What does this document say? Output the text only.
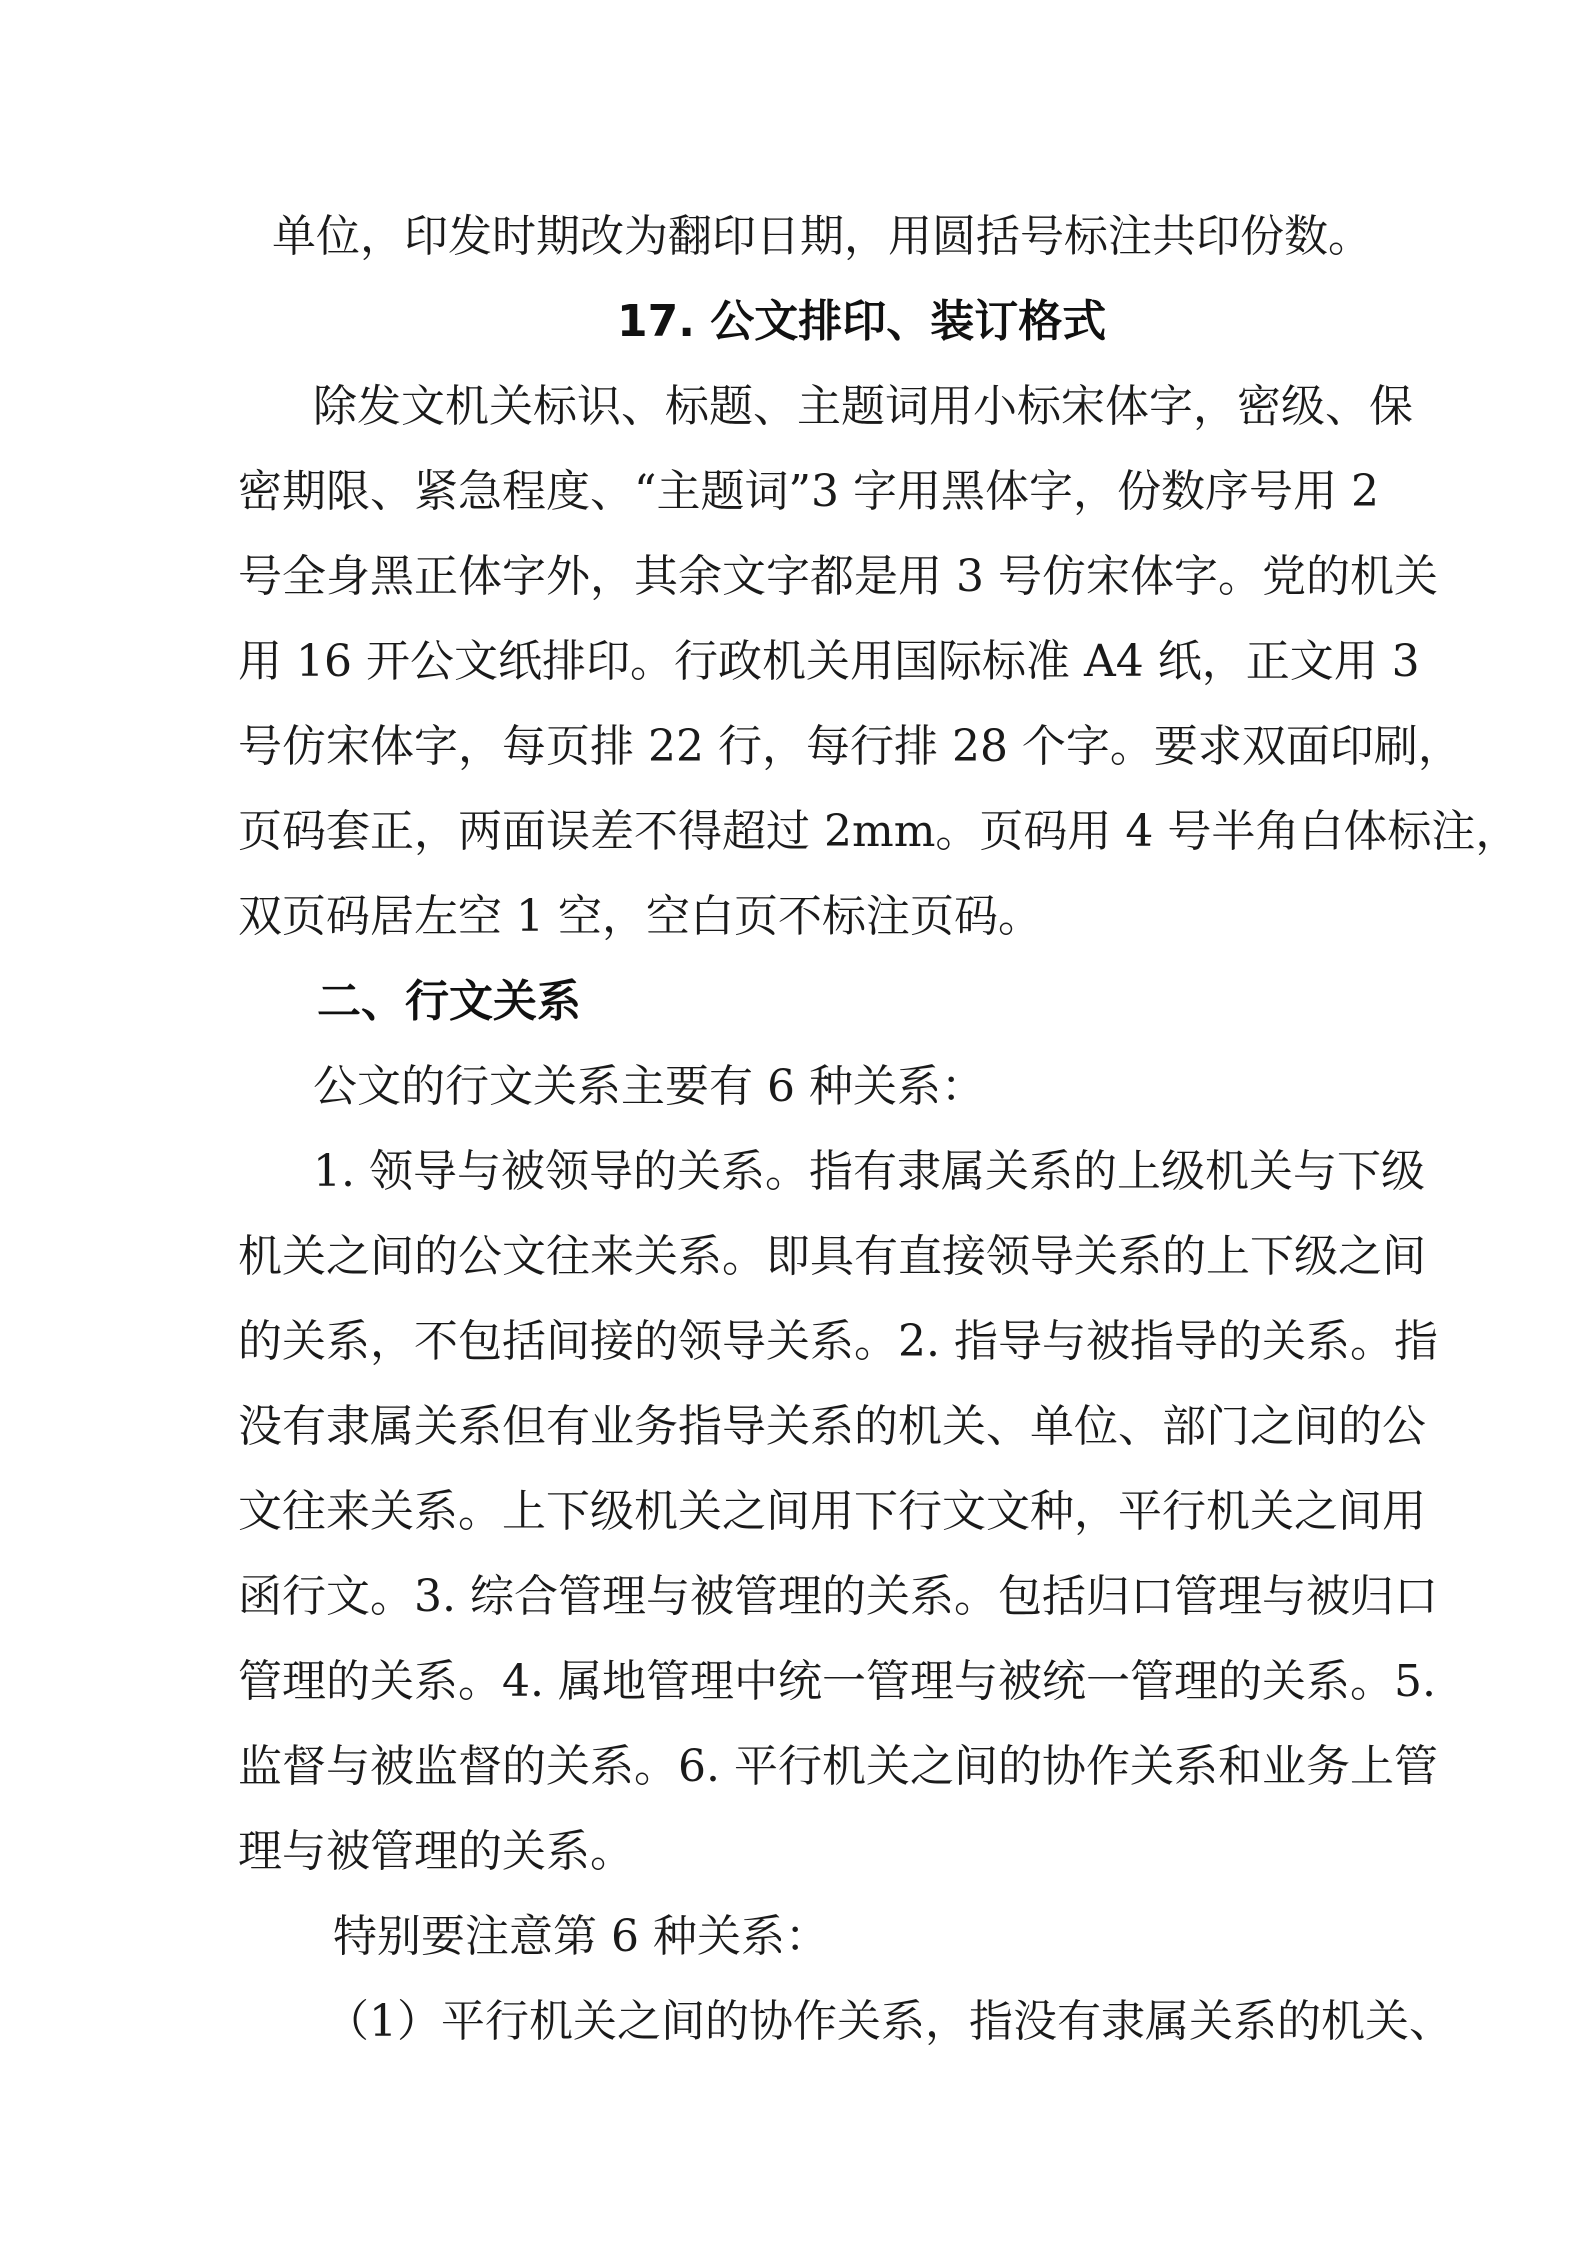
单位，印发时期改为翻印日期，用圆括号标注共印份数。

17. 公文排印、装订格式

除发文机关标识、标题、主题词用小标宋体字，密级、保

密期限、紧急程度、“主题词”3 字用黑体字，份数序号用 2

号全身黑正体字外，其余文字都是用 3 号仿宋体字。党的机关

用 16 开公文纸排印。行政机关用国际标准 A4 纸，正文用 3

号仿宋体字，每页排 22 行，每行排 28 个字。要求双面印刷，

页码套正，两面误差不得超过 2mm。页码用 4 号半角白体标注，

双页码居左空 1 空，空白页不标注页码。

二、行文关系

公文的行文关系主要有 6 种关系：

1. 领导与被领导的关系。指有隶属关系的上级机关与下级

机关之间的公文往来关系。即具有直接领导关系的上下级之间

的关系，不包括间接的领导关系。2. 指导与被指导的关系。指

没有隶属关系但有业务指导关系的机关、单位、部门之间的公

文往来关系。上下级机关之间用下行文文种，平行机关之间用

函行文。3. 综合管理与被管理的关系。包括归口管理与被归口

管理的关系。4. 属地管理中统一管理与被统一管理的关系。5.

监督与被监督的关系。6. 平行机关之间的协作关系和业务上管

理与被管理的关系。

特别要注意第 6 种关系：

（1）平行机关之间的协作关系，指没有隶属关系的机关、
